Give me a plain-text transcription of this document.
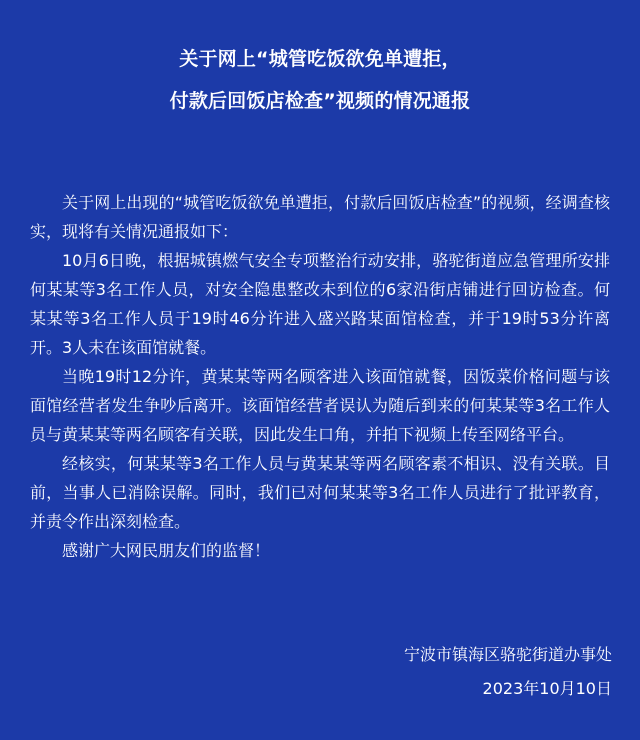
关于网上“城管吃饭欲免单遭拒，
付款后回饭店检查”视频的情况通报

关于网上出现的“城管吃饭欲免单遭拒，付款后回饭店检查”的视频，经调查核实，现将有关情况通报如下：

10月6日晚，根据城镇燃气安全专项整治行动安排，骆驼街道应急管理所安排何某某等3名工作人员，对安全隐患整改未到位的6家沿街店铺进行回访检查。何某某等3名工作人员于19时46分许进入盛兴路某面馆检查，并于19时53分许离开。3人未在该面馆就餐。

当晚19时12分许，黄某某等两名顾客进入该面馆就餐，因饭菜价格问题与该面馆经营者发生争吵后离开。该面馆经营者误认为随后到来的何某某等3名工作人员与黄某某等两名顾客有关联，因此发生口角，并拍下视频上传至网络平台。

经核实，何某某等3名工作人员与黄某某等两名顾客素不相识、没有关联。目前，当事人已消除误解。同时，我们已对何某某等3名工作人员进行了批评教育，并责令作出深刻检查。

感谢广大网民朋友们的监督！

宁波市镇海区骆驼街道办事处
2023年10月10日
